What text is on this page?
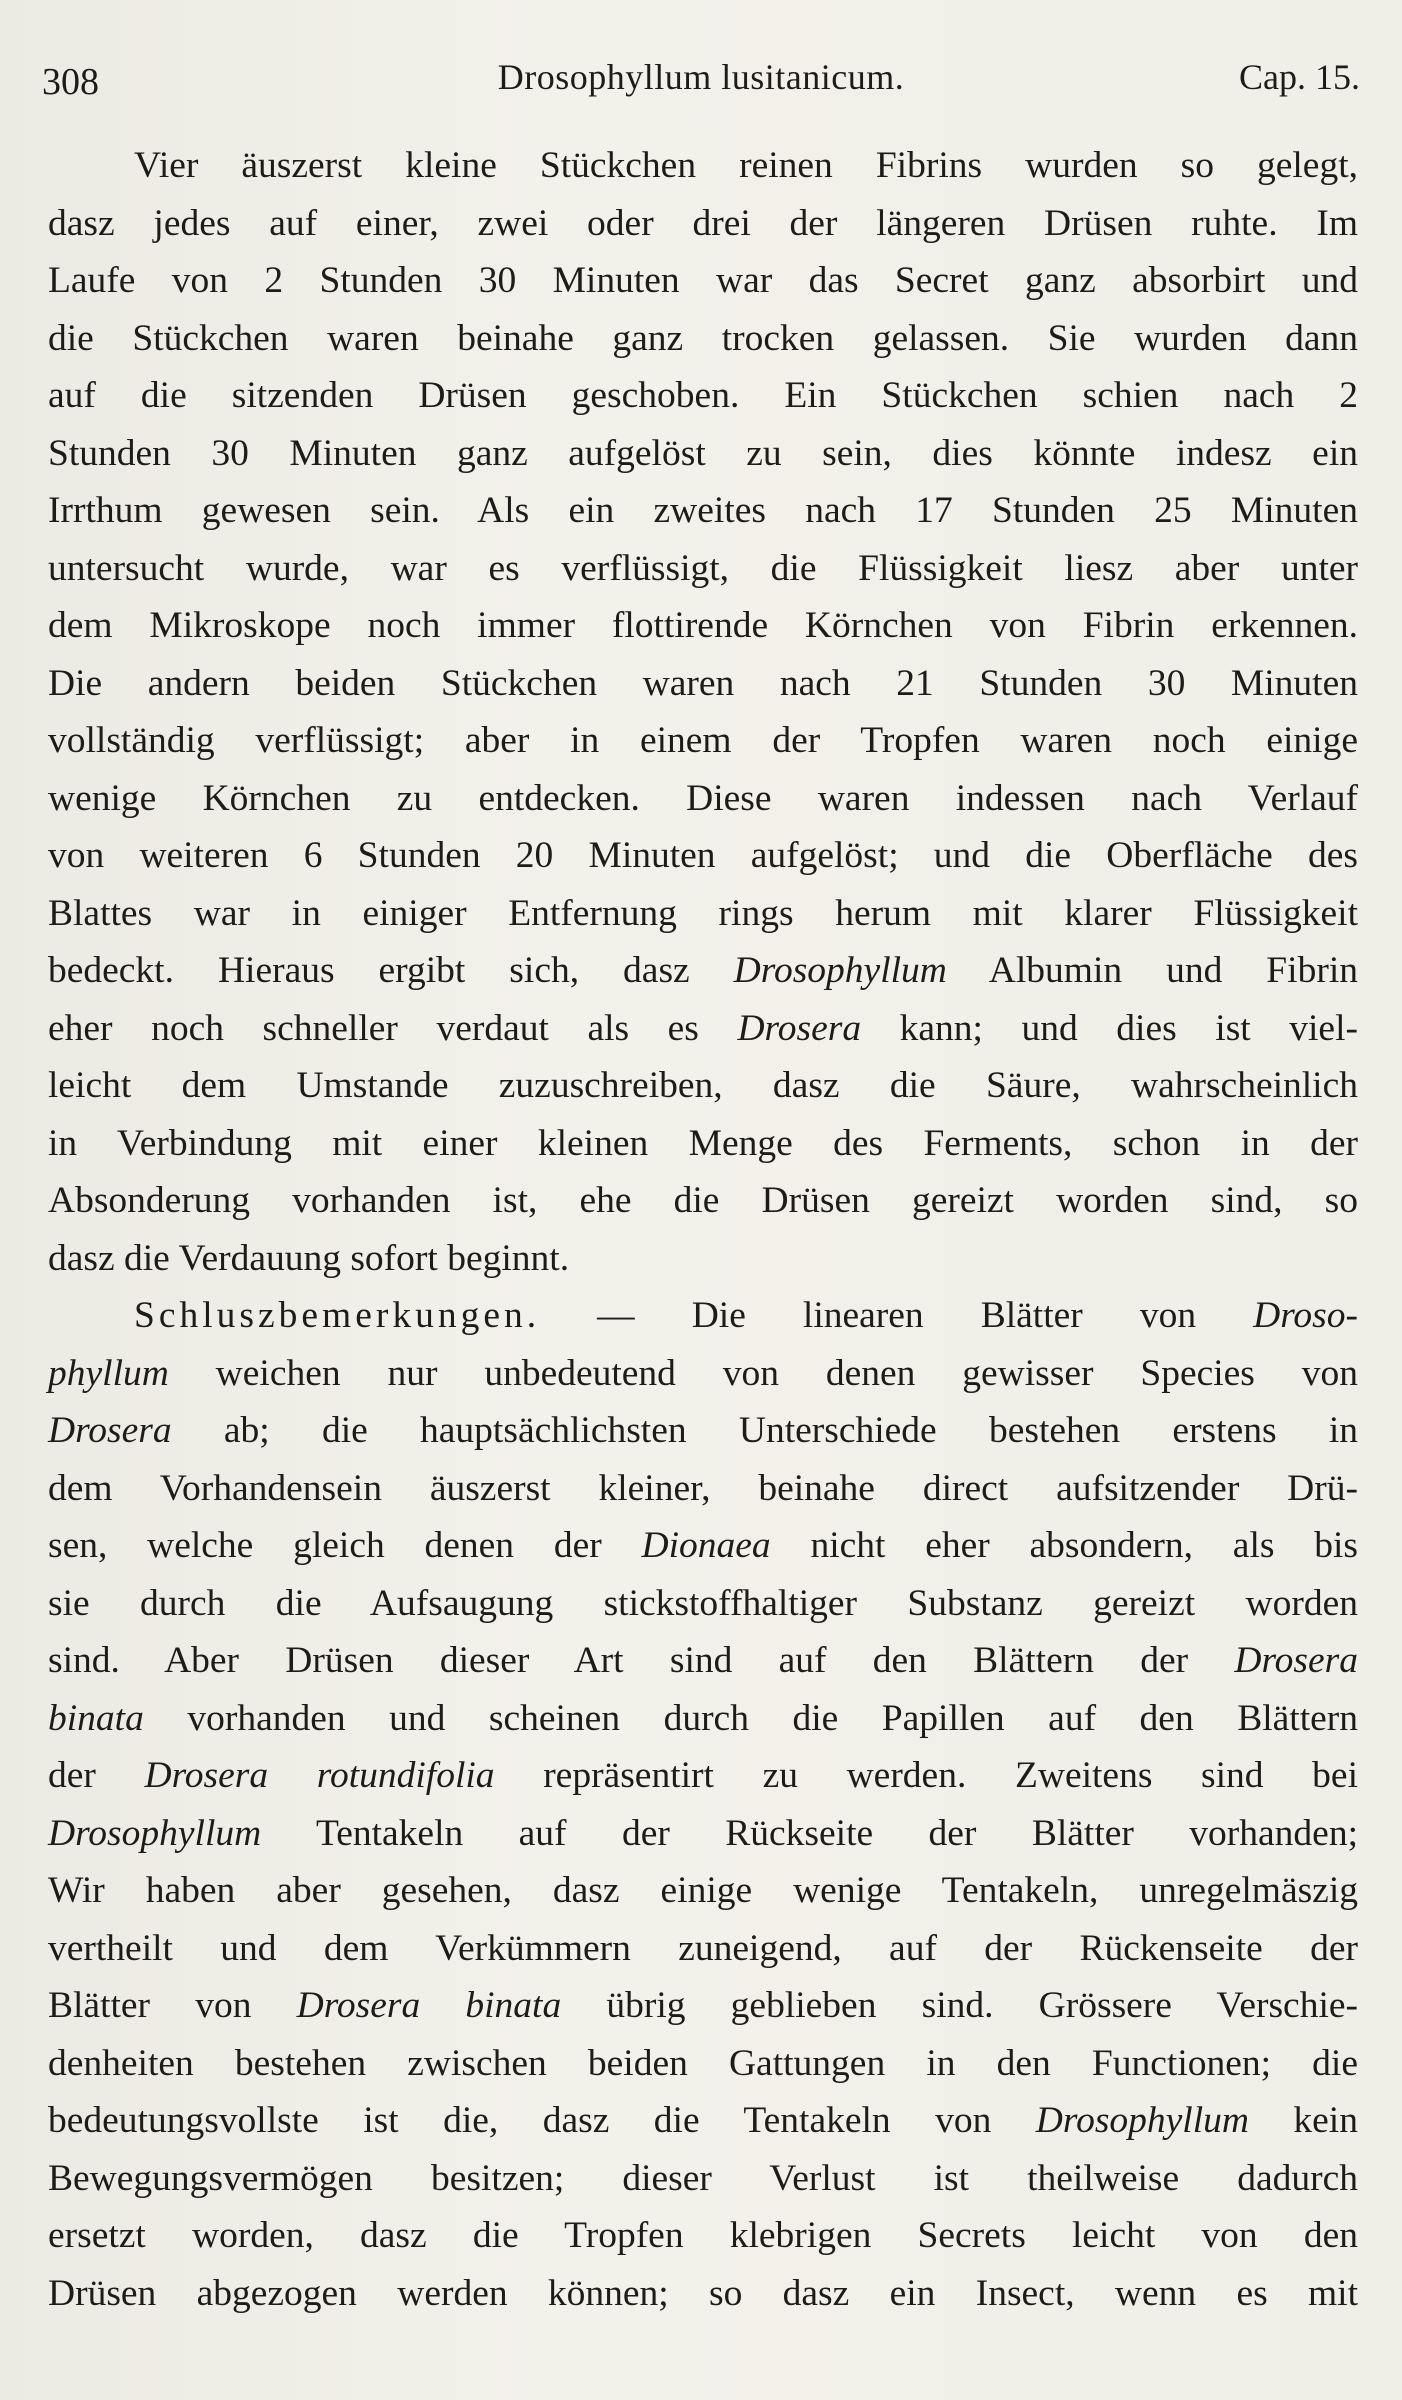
308	Drosophyllum lusitanicum.	Cap. 15.
Vier äuszerst kleine Stückchen reinen Fibrins wurden so gelegt,
dasz jedes auf einer, zwei oder drei der längeren Drüsen ruhte. Im
Laufe von 2 Stunden 30 Minuten war das Secret ganz absorbirt und
die Stückchen waren beinahe ganz trocken gelassen. Sie wurden dann
auf die sitzenden Drüsen geschoben. Ein Stückchen schien nach 2
Stunden 30 Minuten ganz aufgelöst zu sein, dies könnte indesz ein
Irrthum gewesen sein. Als ein zweites nach 17 Stunden 25 Minuten
untersucht wurde, war es verflüssigt, die Flüssigkeit liesz aber unter
dem Mikroskope noch immer flottirende Körnchen von Fibrin erkennen.
Die andern beiden Stückchen waren nach 21 Stunden 30 Minuten
vollständig verflüssigt; aber in einem der Tropfen waren noch einige
wenige Körnchen zu entdecken. Diese waren indessen nach Verlauf
von weiteren 6 Stunden 20 Minuten aufgelöst; und die Oberfläche des
Blattes war in einiger Entfernung rings herum mit klarer Flüssigkeit
bedeckt. Hieraus ergibt sich, dasz Drosophyllum Albumin und Fibrin
eher noch schneller verdaut als es Drosera kann; und dies ist viel-
leicht dem Umstande zuzuschreiben, dasz die Säure, wahrscheinlich
in Verbindung mit einer kleinen Menge des Ferments, schon in der
Absonderung vorhanden ist, ehe die Drüsen gereizt worden sind, so
dasz die Verdauung sofort beginnt.
Schluszbemerkungen. — Die linearen Blätter von Droso-
phyllum weichen nur unbedeutend von denen gewisser Species von
Drosera ab; die hauptsächlichsten Unterschiede bestehen erstens in
dem Vorhandensein äuszerst kleiner, beinahe direct aufsitzender Drü-
sen, welche gleich denen der Dionaea nicht eher absondern, als bis
sie durch die Aufsaugung stickstoffhaltiger Substanz gereizt worden
sind. Aber Drüsen dieser Art sind auf den Blättern der Drosera
binata vorhanden und scheinen durch die Papillen auf den Blättern
der Drosera rotundifolia repräsentirt zu werden. Zweitens sind bei
Drosophyllum Tentakeln auf der Rückseite der Blätter vorhanden;
Wir haben aber gesehen, dasz einige wenige Tentakeln, unregelmäszig
vertheilt und dem Verkümmern zuneigend, auf der Rückenseite der
Blätter von Drosera binata übrig geblieben sind. Grössere Verschie-
denheiten bestehen zwischen beiden Gattungen in den Functionen; die
bedeutungsvollste ist die, dasz die Tentakeln von Drosophyllum kein
Bewegungsvermögen besitzen; dieser Verlust ist theilweise dadurch
ersetzt worden, dasz die Tropfen klebrigen Secrets leicht von den
Drüsen abgezogen werden können; so dasz ein Insect, wenn es mit
